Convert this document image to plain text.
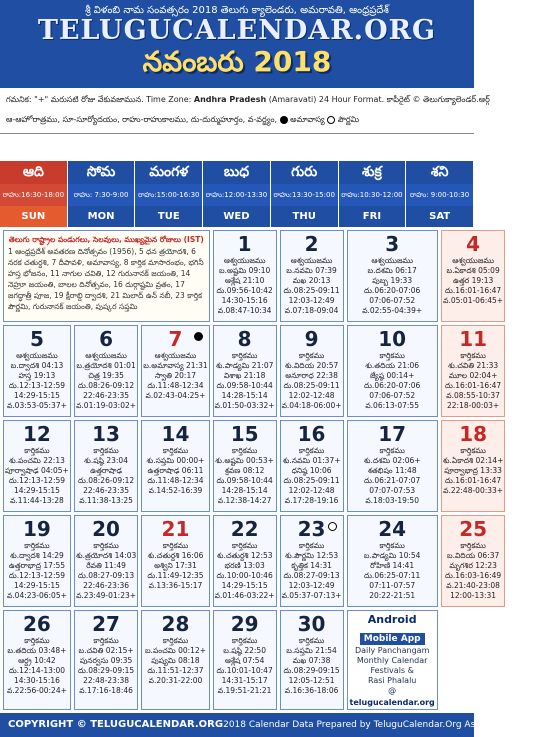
శ్రీ విళంబి నామ సంవత్సరం 2018 తెలుగు క్యాలెండరు, అమరావతి, ఆంధ్రప్రదేశ్
TELUGUCALENDAR.ORG
నవంబరు 2018
గమనిక: "+" మరుసటి రోజు వేకువజామున. Time Zone: Andhra Pradesh (Amaravati) 24 Hour Format. కాపీరైట్ © తెలుగుక్యాలెండర్.ఆర్గ్
ఆ-ఆహోరాత్రము, సూ-సూర్యోదయం, రాహు-రాహుకాలము, దు-దుర్ముహూర్తం, వ-వర్జ్యం, అమావాస్య పౌర్ణమి
ఆది
రాహు:16:30-18:00
SUN
సోమ
రాహు: 7:30-9:00
MON
మంగళ
రాహు:15:00-16:30
TUE
బుధ
రాహు:12:00-13:30
WED
గురు
రాహు:13:30-15:00
THU
శుక్ర
రాహు:10:30-12:00
FRI
శని
రాహు: 9:00-10:30
SAT
తెలుగు రాష్ట్రాల పండుగలు, సెలవులు, ముఖ్యమైన రోజులు (IST)
1 ఆంధ్రప్రదేశ్ అవతరణ దినోత్సవం (1956), 5 ధన త్రయోదశి, 6 నరక చతుర్దశి, 7 దీపావళి, అమావాస్య, 8 కార్తిక మాసారంభం, భగినీ హస్త భోజనం, 11 నాగుల చవితి, 12 గురునానక్ జయంతి, 14 నెహ్రూ జయంతి, బాలల దినోత్సవం, 16 దుర్గాష్టమి వ్రతం, 17 జగద్ధాత్రీ పూజ, 19 క్షీరాబ్ది ద్వాదశి, 21 మిలాద్ ఉన్ నబీ, 23 కార్తిక పౌర్ణమి, గురునానక్ జయంతి, పుష్కర సప్తమి
1
ఆశ్వయుజము
బ.అష్టమి 09:10
ఆశ్లేష 21:10
దు.09:56-10:42
14:30-15:16
వ.08:47-10:34
2
ఆశ్వయుజము
బ.నవమి 07:39
మఖ 20:13
దు.08:25-09:11
12:03-12:49
వ.07:18-09:04
3
ఆశ్వయుజము
బ.దశమి 06:17
పుబ్బ 19:33
దు.06:20-07:06
07:06-07:52
వ.02:55-04:39+
4
ఆశ్వయుజము
బ.ఏకాదశి 05:09
ఉత్తర 19:13
దు.16:01-16:47
వ.05:01-06:45+
5
ఆశ్వయుజము
బ.ద్వాదశి 04:13
హస్త 19:13
దు.12:13-12:59
14:29-15:15
వ.03:53-05:37+
6
ఆశ్వయుజము
బ.త్రయోదశి 01:01
చిత్ర 19:35
దు.08:26-09:12
22:46-23:35
వ.01:19-03:02+
7
ఆశ్వయుజము
బ.అమావాస్య 21:31
స్వాతి 20:17
దు.11:48-12:34
వ.02:43-04:25+
8
కార్తికము
శు.పాడ్యమి 21:07
విశాఖ 21:18
దు.09:58-10:44
14:28-15:14
వ.01:50-03:32+
9
కార్తికము
శు.విదియ 20:57
అనూరాధ 22:38
దు.08:25-09:11
12:02-12:48
వ.04:18-06:00+
10
కార్తికము
శు.తదియ 21:06
జ్యేష్ఠ 00:14+
దు.06:20-07:06
07:06-07:52
వ.06:13-07:55
11
కార్తికము
శు.చవితి 21:33
మూల 02:04+
దు.16:01-16:47
వ.08:55-10:37
22:18-00:03+
12
కార్తికము
శు.పంచమి 22:13
పూర్వాషాఢ 04:05+
దు.12:13-12:59
14:29-15:15
వ.11:44-13:28
13
కార్తికము
శు.షష్ఠి 23:04
ఉత్తరాషాఢ
దు.08:26-09:12
22:46-23:35
వ.11:38-13:25
14
కార్తికము
శు.సప్తమి 00:00+
ఉత్తరాషాఢ 06:11
దు.11:48-12:34
వ.14:52-16:39
15
కార్తికము
శు.అష్టమి 00:53+
శ్రవణ 08:12
దు.09:58-10:44
14:28-15:14
వ.12:38-14:27
16
కార్తికము
శు.నవమి 01:37+
ధనిష్ఠ 10:06
దు.08:25-09:11
12:02-12:48
వ.17:28-19:16
17
కార్తికము
శు.దశమి 02:06+
శతభిషం 11:48
దు.06:21-07:07
07:07-07:53
వ.18:03-19:50
18
కార్తికము
శు.ఏకాదశి 02:14+
పూర్వాభాద్ర 13:33
దు.16:01-16:47
వ.22:48-00:33+
19
కార్తికము
శు.ద్వాదశి 14:29
ఉత్తరాభాద్ర 17:55
దు.12:13-12:59
14:29-15:15
వ.04:23-06:05+
20
కార్తికము
శు.త్రయోదశి 14:03
రేవతి 11:49
దు.08:27-09:13
22:46-23:36
వ.23:49-01:23+
21
కార్తికము
శు.చతుర్దశి 16:06
అశ్విని 17:31
దు.11:49-12:35
వ.13:36-15:17
22
కార్తికము
శు.చతుర్దశి 12:53
భరణి 13:03
దు.10:00-10:46
14:29-15:15
వ.01:46-03:22+
23
కార్తికము
శు.పౌర్ణమి 12:53
కృత్తిక 14:31
దు.08:27-09:13
12:03-12:49
వ.05:37-07:13+
24
కార్తికము
బ.పాడ్యమి 10:54
రోహిణి 14:41
దు.06:25-07:11
07:11-07:57
20:22-21:51
25
కార్తికము
బ.విదియ 06:37
మృగశిర 12:23
దు.16:03-16:49
వ.21:40-23:08
12:00-13:31
26
కార్తికము
బ.తదియ 03:48+
ఆర్ద్ర 10:42
దు.12:14-13:00
14:30-15:16
వ.22:56-00:24+
27
కార్తికము
బ.చవితి 02:15+
పునర్వసు 09:35
దు.08:29-09:15
22:48-23:38
వ.17:16-18:46
28
కార్తికము
బ.పంచమి 00:12+
పుష్యమి 08:18
దు.11:51-12:37
వ.20:31-22:00
29
కార్తికము
బ.షష్ఠి 22:50
ఆశ్లేష 07:54
దు.10:01-10:47
14:31-15:17
వ.19:51-21:21
30
కార్తికము
బ.సప్తమి 21:54
మఖ 07:38
దు.08:29-09:15
12:05-12:51
వ.16:36-18:06
Android
Mobile App
Daily Panchangam
Monthly Calendar
Festivals &
Rasi Phalalu
@
telugucalendar.org
COPYRIGHT © TELUGUCALENDAR.ORG 2018 Calendar Data Prepared by TeluguCalendar.Org Astrology Team
